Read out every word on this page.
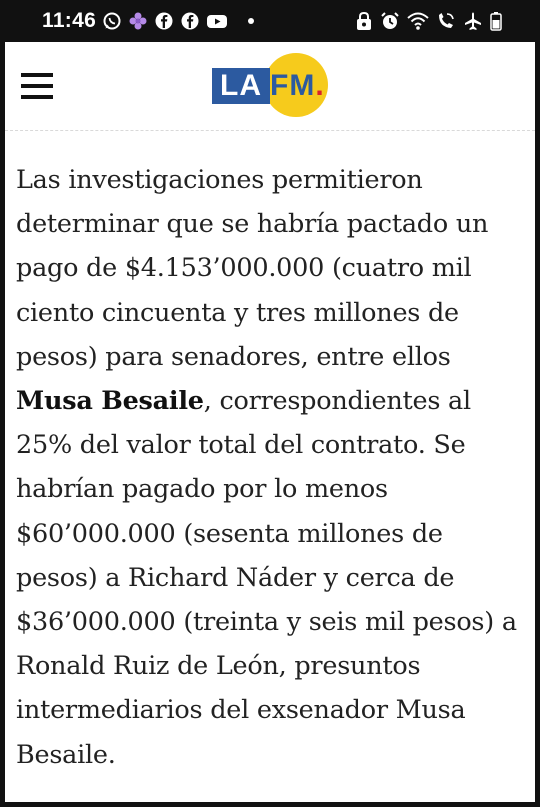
11:46
LA FM.

Las investigaciones permitieron
determinar que se habría pactado un
pago de $4.153’000.000 (cuatro mil
ciento cincuenta y tres millones de
pesos) para senadores, entre ellos
Musa Besaile, correspondientes al
25% del valor total del contrato. Se
habrían pagado por lo menos
$60’000.000 (sesenta millones de
pesos) a Richard Náder y cerca de
$36’000.000 (treinta y seis mil pesos) a
Ronald Ruiz de León, presuntos
intermediarios del exsenador Musa
Besaile.
